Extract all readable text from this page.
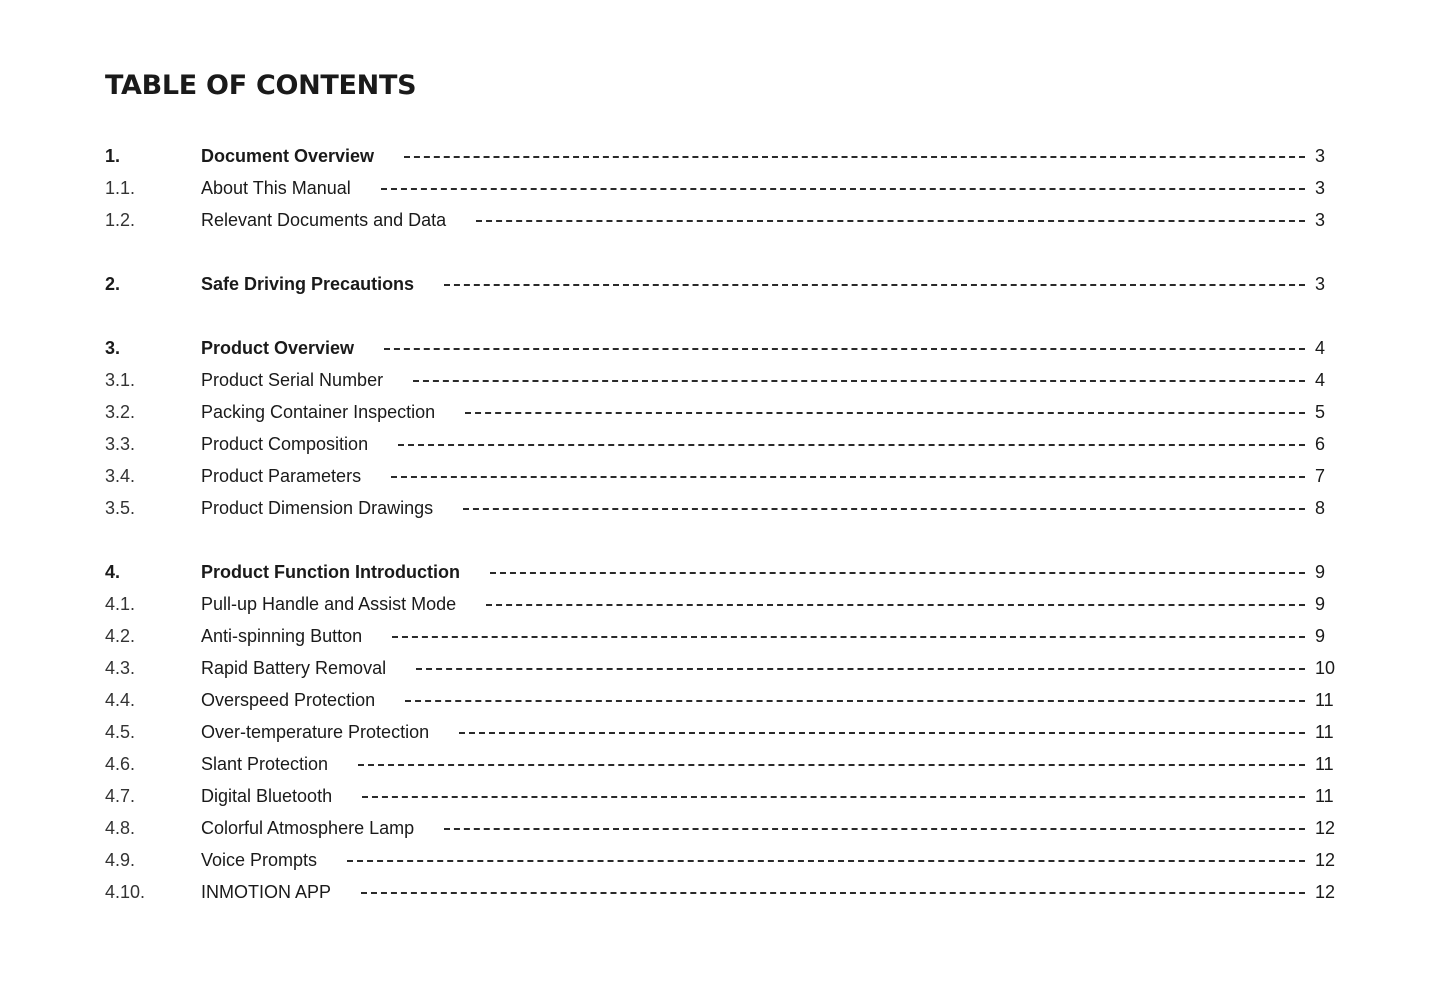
TABLE OF CONTENTS
1.	Document Overview	3
1.1.	About This Manual	3
1.2.	Relevant Documents and Data	3
2.	Safe Driving Precautions	3
3.	Product Overview	4
3.1.	Product Serial Number	4
3.2.	Packing Container Inspection	5
3.3.	Product Composition	6
3.4.	Product Parameters	7
3.5.	Product Dimension Drawings	8
4.	Product Function Introduction	9
4.1.	Pull-up Handle and Assist Mode	9
4.2.	Anti-spinning Button	9
4.3.	Rapid Battery Removal	10
4.4.	Overspeed Protection	11
4.5.	Over-temperature Protection	11
4.6.	Slant Protection	11
4.7.	Digital Bluetooth	11
4.8.	Colorful Atmosphere Lamp	12
4.9.	Voice Prompts	12
4.10.	INMOTION APP	12
